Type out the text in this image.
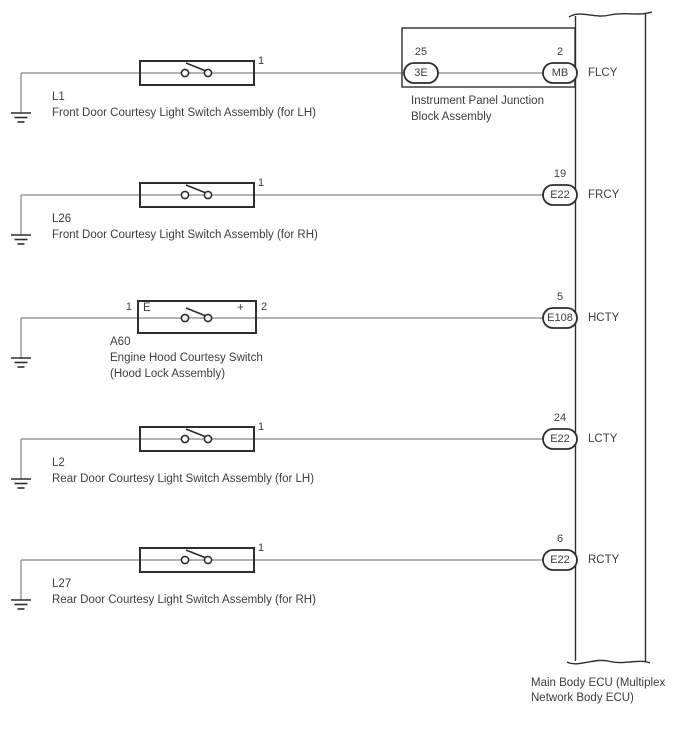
1
L1
Front Door Courtesy Light Switch Assembly (for LH)
25
3E
2
MB	FLCY
Instrument Panel Junction
Block Assembly
1
L26
Front Door Courtesy Light Switch Assembly (for RH)
19
E22	FRCY
1	2
E	+
A60
Engine Hood Courtesy Switch
(Hood Lock Assembly)
5
E108	HCTY
1
L2
Rear Door Courtesy Light Switch Assembly (for LH)
24
E22	LCTY
1
L27
Rear Door Courtesy Light Switch Assembly (for RH)
6
E22	RCTY
Main Body ECU (Multiplex
Network Body ECU)
